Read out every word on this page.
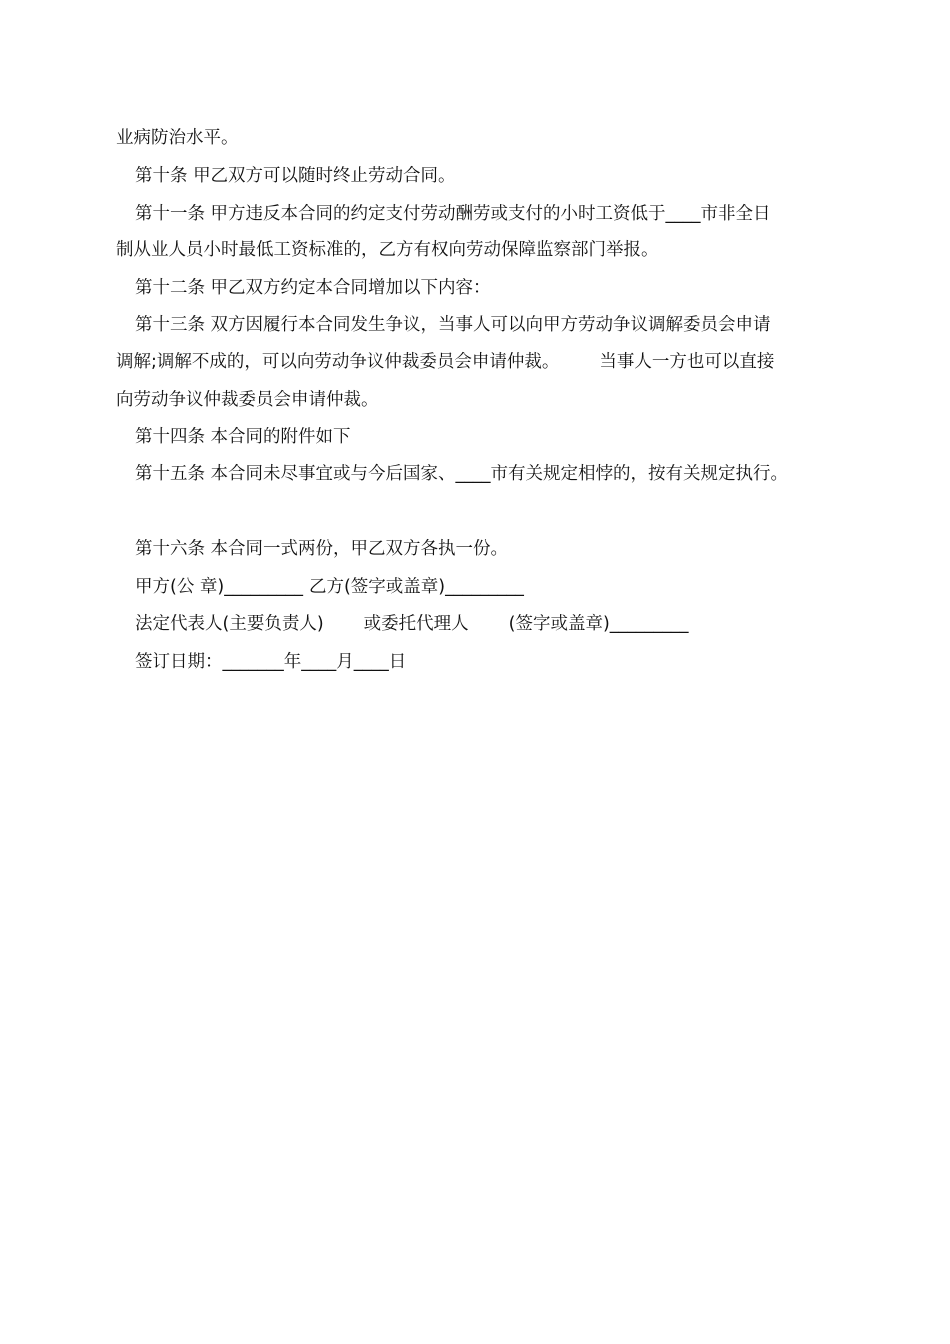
业病防治水平。
第十条 甲乙双方可以随时终止劳动合同。
第十一条 甲方违反本合同的约定支付劳动酬劳或支付的小时工资低于____市非全日
制从业人员小时最低工资标准的，乙方有权向劳动保障监察部门举报。
第十二条 甲乙双方约定本合同增加以下内容：
第十三条 双方因履行本合同发生争议，当事人可以向甲方劳动争议调解委员会申请
调解;调解不成的，可以向劳动争议仲裁委员会申请仲裁。 当事人一方也可以直接
向劳动争议仲裁委员会申请仲裁。
第十四条 本合同的附件如下
第十五条 本合同未尽事宜或与今后国家、____市有关规定相悖的，按有关规定执行。
第十六条 本合同一式两份，甲乙双方各执一份。
甲方(公 章)_________ 乙方(签字或盖章)_________
法定代表人(主要负责人) 或委托代理人 (签字或盖章)_________
签订日期：_______年____月____日
